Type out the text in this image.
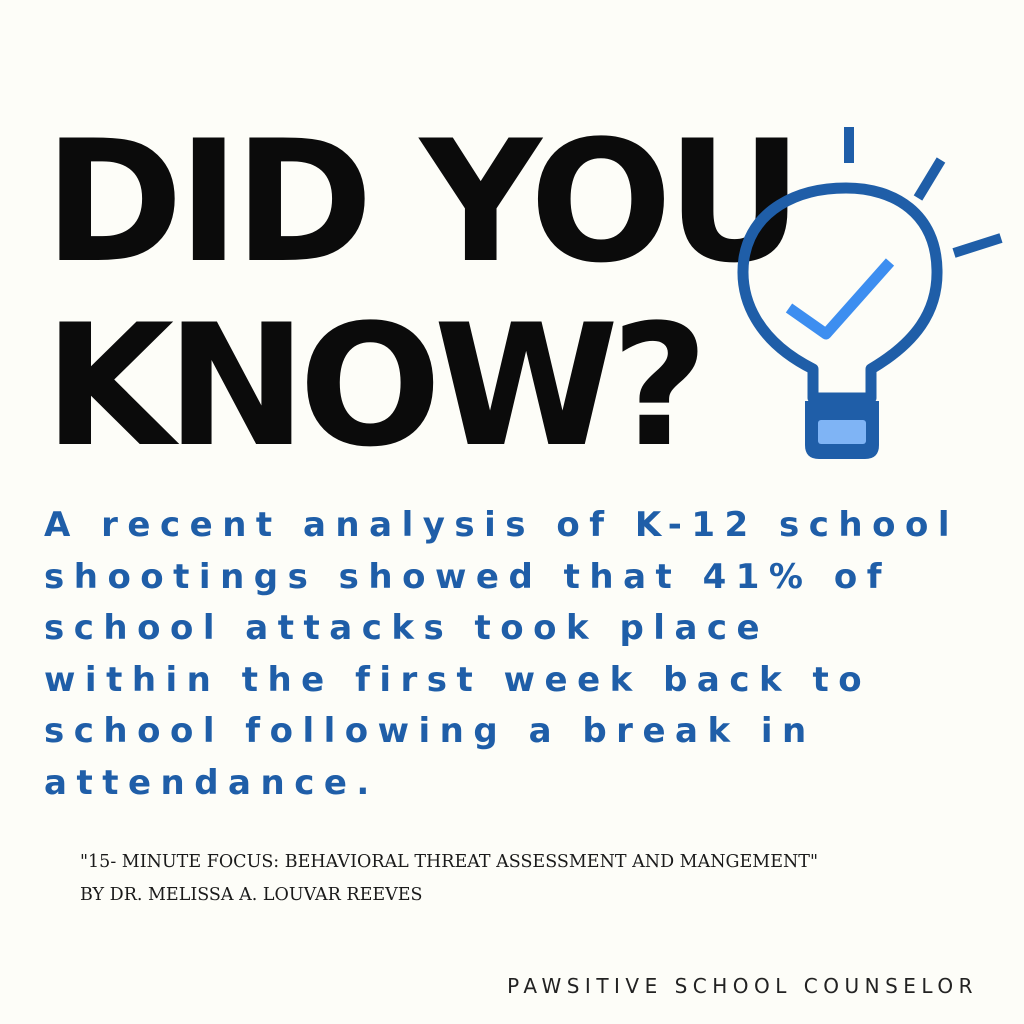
DID YOU
KNOW?

A recent analysis of K-12 school shootings showed that 41% of school attacks took place within the first week back to school following a break in attendance.

"15- MINUTE FOCUS: BEHAVIORAL THREAT ASSESSMENT AND MANGEMENT" BY DR. MELISSA A. LOUVAR REEVES

PAWSITIVE SCHOOL COUNSELOR
